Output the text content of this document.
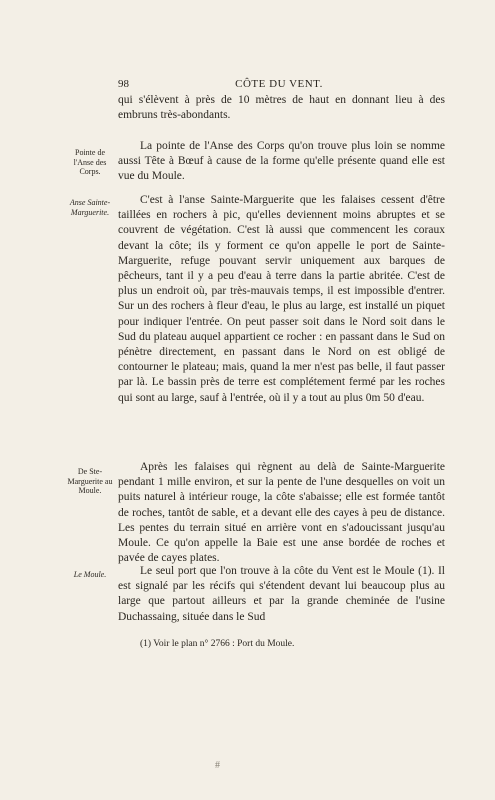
98	CÔTE DU VENT.

qui s'élèvent à près de 10 mètres de haut en donnant lieu à des embruns très-abondants.

Pointe de l'Anse des Corps.

La pointe de l'Anse des Corps qu'on trouve plus loin se nomme aussi Tête à Bœuf à cause de la forme qu'elle présente quand elle est vue du Moule.

Anse Sainte-Marguerite.

C'est à l'anse Sainte-Marguerite que les falaises cessent d'être taillées en rochers à pic, qu'elles deviennent moins abruptes et se couvrent de végétation. C'est là aussi que commencent les coraux devant la côte; ils y forment ce qu'on appelle le port de Sainte-Marguerite, refuge pouvant servir uniquement aux barques de pêcheurs, tant il y a peu d'eau à terre dans la partie abritée. C'est de plus un endroit où, par très-mauvais temps, il est impossible d'entrer. Sur un des rochers à fleur d'eau, le plus au large, est installé un piquet pour indiquer l'entrée. On peut passer soit dans le Nord soit dans le Sud du plateau auquel appartient ce rocher : en passant dans le Sud on pénètre directement, en passant dans le Nord on est obligé de contourner le plateau; mais, quand la mer n'est pas belle, il faut passer par là. Le bassin près de terre est complétement fermé par les roches qui sont au large, sauf à l'entrée, où il y a tout au plus 0m 50 d'eau.

De Ste-Marguerite au Moule.

Après les falaises qui règnent au delà de Sainte-Marguerite pendant 1 mille environ, et sur la pente de l'une desquelles on voit un puits naturel à intérieur rouge, la côte s'abaisse; elle est formée tantôt de roches, tantôt de sable, et a devant elle des cayes à peu de distance. Les pentes du terrain situé en arrière vont en s'adoucissant jusqu'au Moule. Ce qu'on appelle la Baie est une anse bordée de roches et pavée de cayes plates.

Le Moule.	Le seul port que l'on trouve à la côte du Vent est le Moule (1). Il est signalé par les récifs qui s'étendent devant lui beaucoup plus au large que partout ailleurs et par la grande cheminée de l'usine Duchassaing, située dans le Sud

(1) Voir le plan n° 2766 : Port du Moule.
#
